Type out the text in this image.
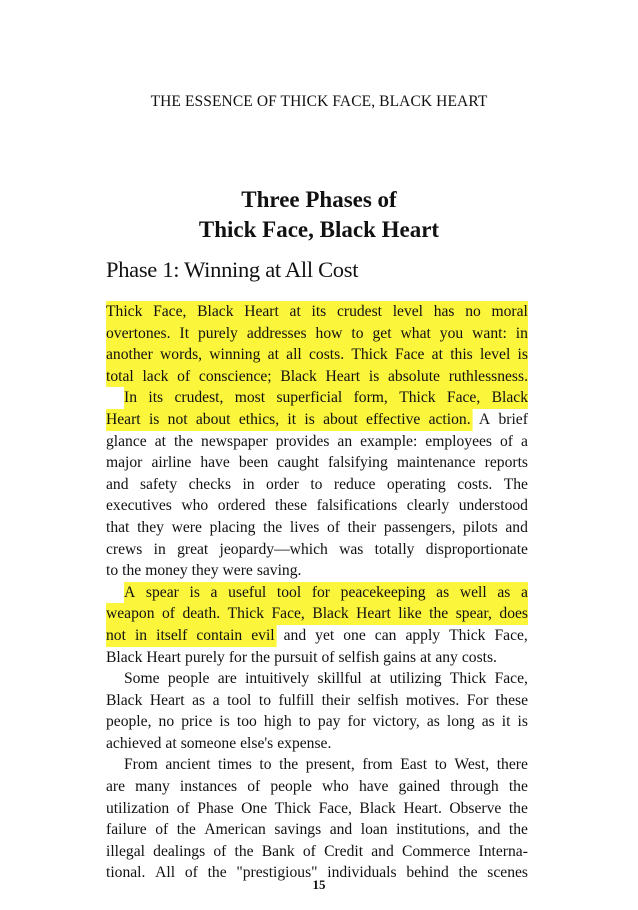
THE ESSENCE OF THICK FACE, BLACK HEART
Three Phases of
Thick Face, Black Heart
Phase 1: Winning at All Cost
Thick Face, Black Heart at its crudest level has no moral
overtones. It purely addresses how to get what you want: in
another words, winning at all costs. Thick Face at this level is
total lack of conscience; Black Heart is absolute ruthlessness.
In its crudest, most superficial form, Thick Face, Black
Heart is not about ethics, it is about effective action. A brief
glance at the newspaper provides an example: employees of a
major airline have been caught falsifying maintenance reports
and safety checks in order to reduce operating costs. The
executives who ordered these falsifications clearly understood
that they were placing the lives of their passengers, pilots and
crews in great jeopardy—which was totally disproportionate
to the money they were saving.
A spear is a useful tool for peacekeeping as well as a
weapon of death. Thick Face, Black Heart like the spear, does
not in itself contain evil and yet one can apply Thick Face,
Black Heart purely for the pursuit of selfish gains at any costs.
Some people are intuitively skillful at utilizing Thick Face,
Black Heart as a tool to fulfill their selfish motives. For these
people, no price is too high to pay for victory, as long as it is
achieved at someone else's expense.
From ancient times to the present, from East to West, there
are many instances of people who have gained through the
utilization of Phase One Thick Face, Black Heart. Observe the
failure of the American savings and loan institutions, and the
illegal dealings of the Bank of Credit and Commerce Interna-
tional. All of the "prestigious" individuals behind the scenes
15
